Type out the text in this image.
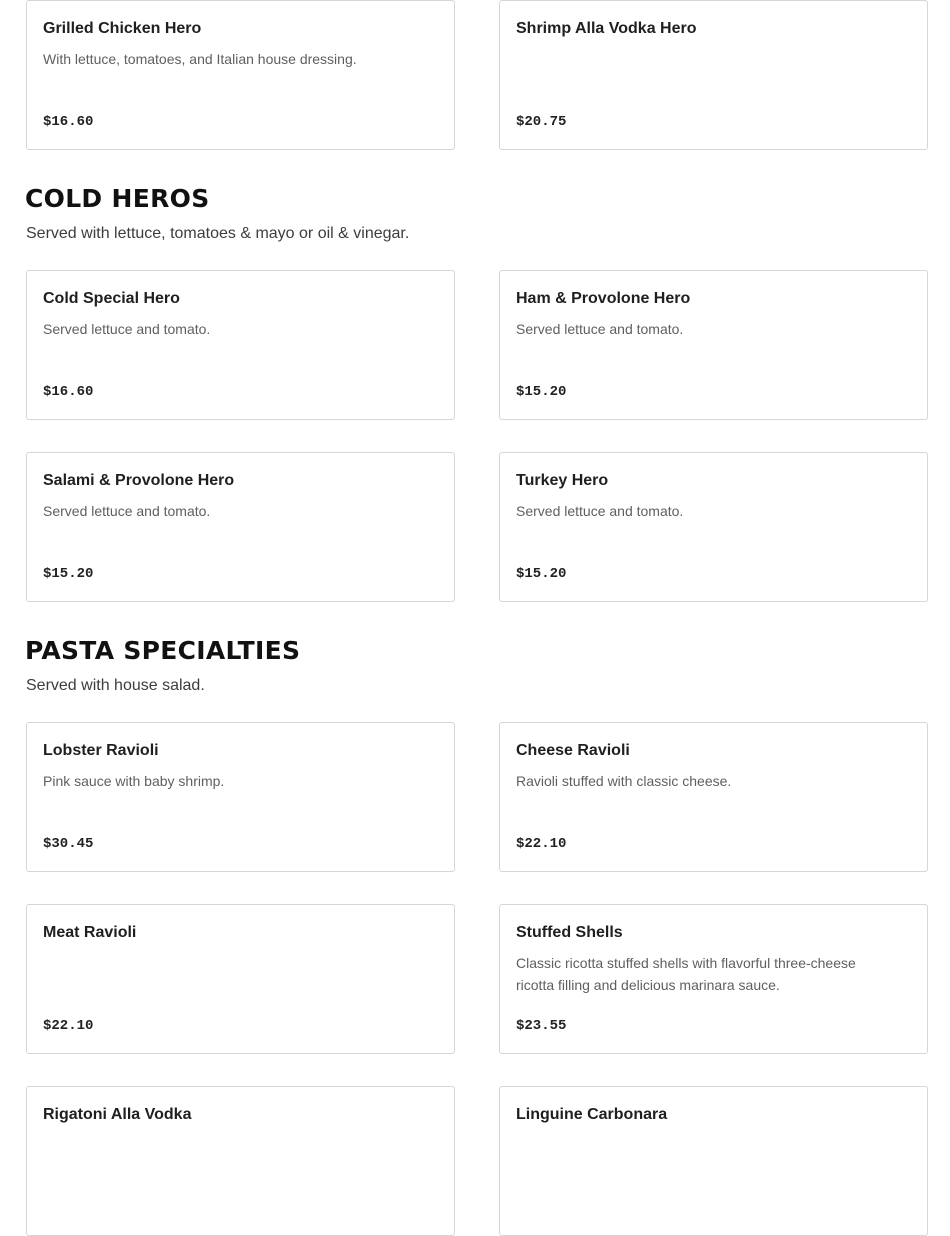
Grilled Chicken Hero
With lettuce, tomatoes, and Italian house dressing.
$16.60
Shrimp Alla Vodka Hero
$20.75
COLD HEROS
Served with lettuce, tomatoes & mayo or oil & vinegar.
Cold Special Hero
Served lettuce and tomato.
$16.60
Ham & Provolone Hero
Served lettuce and tomato.
$15.20
Salami & Provolone Hero
Served lettuce and tomato.
$15.20
Turkey Hero
Served lettuce and tomato.
$15.20
PASTA SPECIALTIES
Served with house salad.
Lobster Ravioli
Pink sauce with baby shrimp.
$30.45
Cheese Ravioli
Ravioli stuffed with classic cheese.
$22.10
Meat Ravioli
$22.10
Stuffed Shells
Classic ricotta stuffed shells with flavorful three-cheese ricotta filling and delicious marinara sauce.
$23.55
Rigatoni Alla Vodka	Linguine Carbonara
